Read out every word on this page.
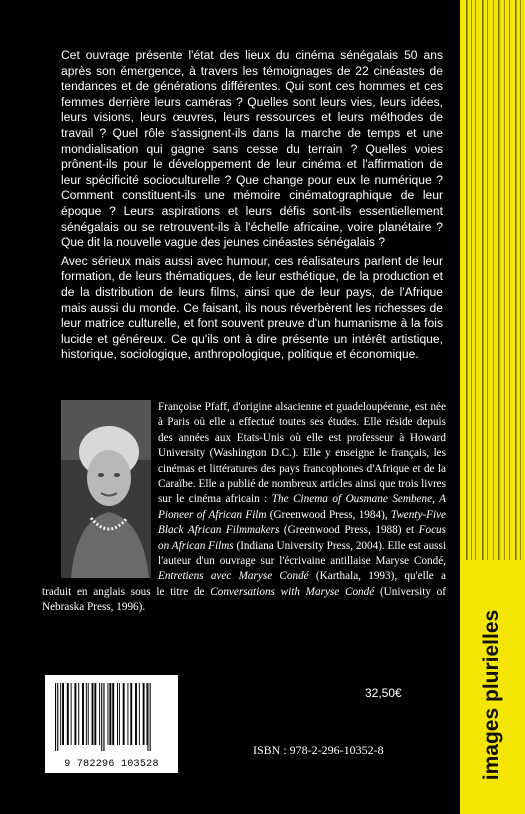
Cet ouvrage présente l'état des lieux du cinéma sénégalais 50 ans après son émergence, à travers les témoignages de 22 cinéastes de tendances et de générations différentes. Qui sont ces hommes et ces femmes derrière leurs caméras ? Quelles sont leurs vies, leurs idées, leurs visions, leurs œuvres, leurs ressources et leurs méthodes de travail ? Quel rôle s'assignent-ils dans la marche de temps et une mondialisation qui gagne sans cesse du terrain ? Quelles voies prônent-ils pour le développement de leur cinéma et l'affirmation de leur spécificité socioculturelle ? Que change pour eux le numérique ? Comment constituent-ils une mémoire cinématographique de leur époque ? Leurs aspirations et leurs défis sont-ils essentiellement sénégalais ou se retrouvent-ils à l'échelle africaine, voire planétaire ? Que dit la nouvelle vague des jeunes cinéastes sénégalais ?

Avec sérieux mais aussi avec humour, ces réalisateurs parlent de leur formation, de leurs thématiques, de leur esthétique, de la production et de la distribution de leurs films, ainsi que de leur pays, de l'Afrique mais aussi du monde. Ce faisant, ils nous réverbèrent les richesses de leur matrice culturelle, et font souvent preuve d'un humanisme à la fois lucide et généreux. Ce qu'ils ont à dire présente un intérêt artistique, historique, sociologique, anthropologique, politique et économique.

Françoise Pfaff, d'origine alsacienne et guadeloupéenne, est née à Paris où elle a effectué toutes ses études. Elle réside depuis des années aux Etats-Unis où elle est professeur à Howard University (Washington D.C.). Elle y enseigne le français, les cinémas et littératures des pays francophones d'Afrique et de la Caraïbe. Elle a publié de nombreux articles ainsi que trois livres sur le cinéma africain : The Cinema of Ousmane Sembene, A Pioneer of African Film (Greenwood Press, 1984), Twenty-Five Black African Filmmakers (Greenwood Press, 1988) et Focus on African Films (Indiana University Press, 2004). Elle est aussi l'auteur d'un ouvrage sur l'écrivaine antillaise Maryse Condé, Entretiens avec Maryse Condé (Karthala, 1993), qu'elle a traduit en anglais sous le titre de Conversations with Maryse Condé (University of Nebraska Press, 1996).
32,50€
9 782296 103528
ISBN : 978-2-296-10352-8	images plurielles
